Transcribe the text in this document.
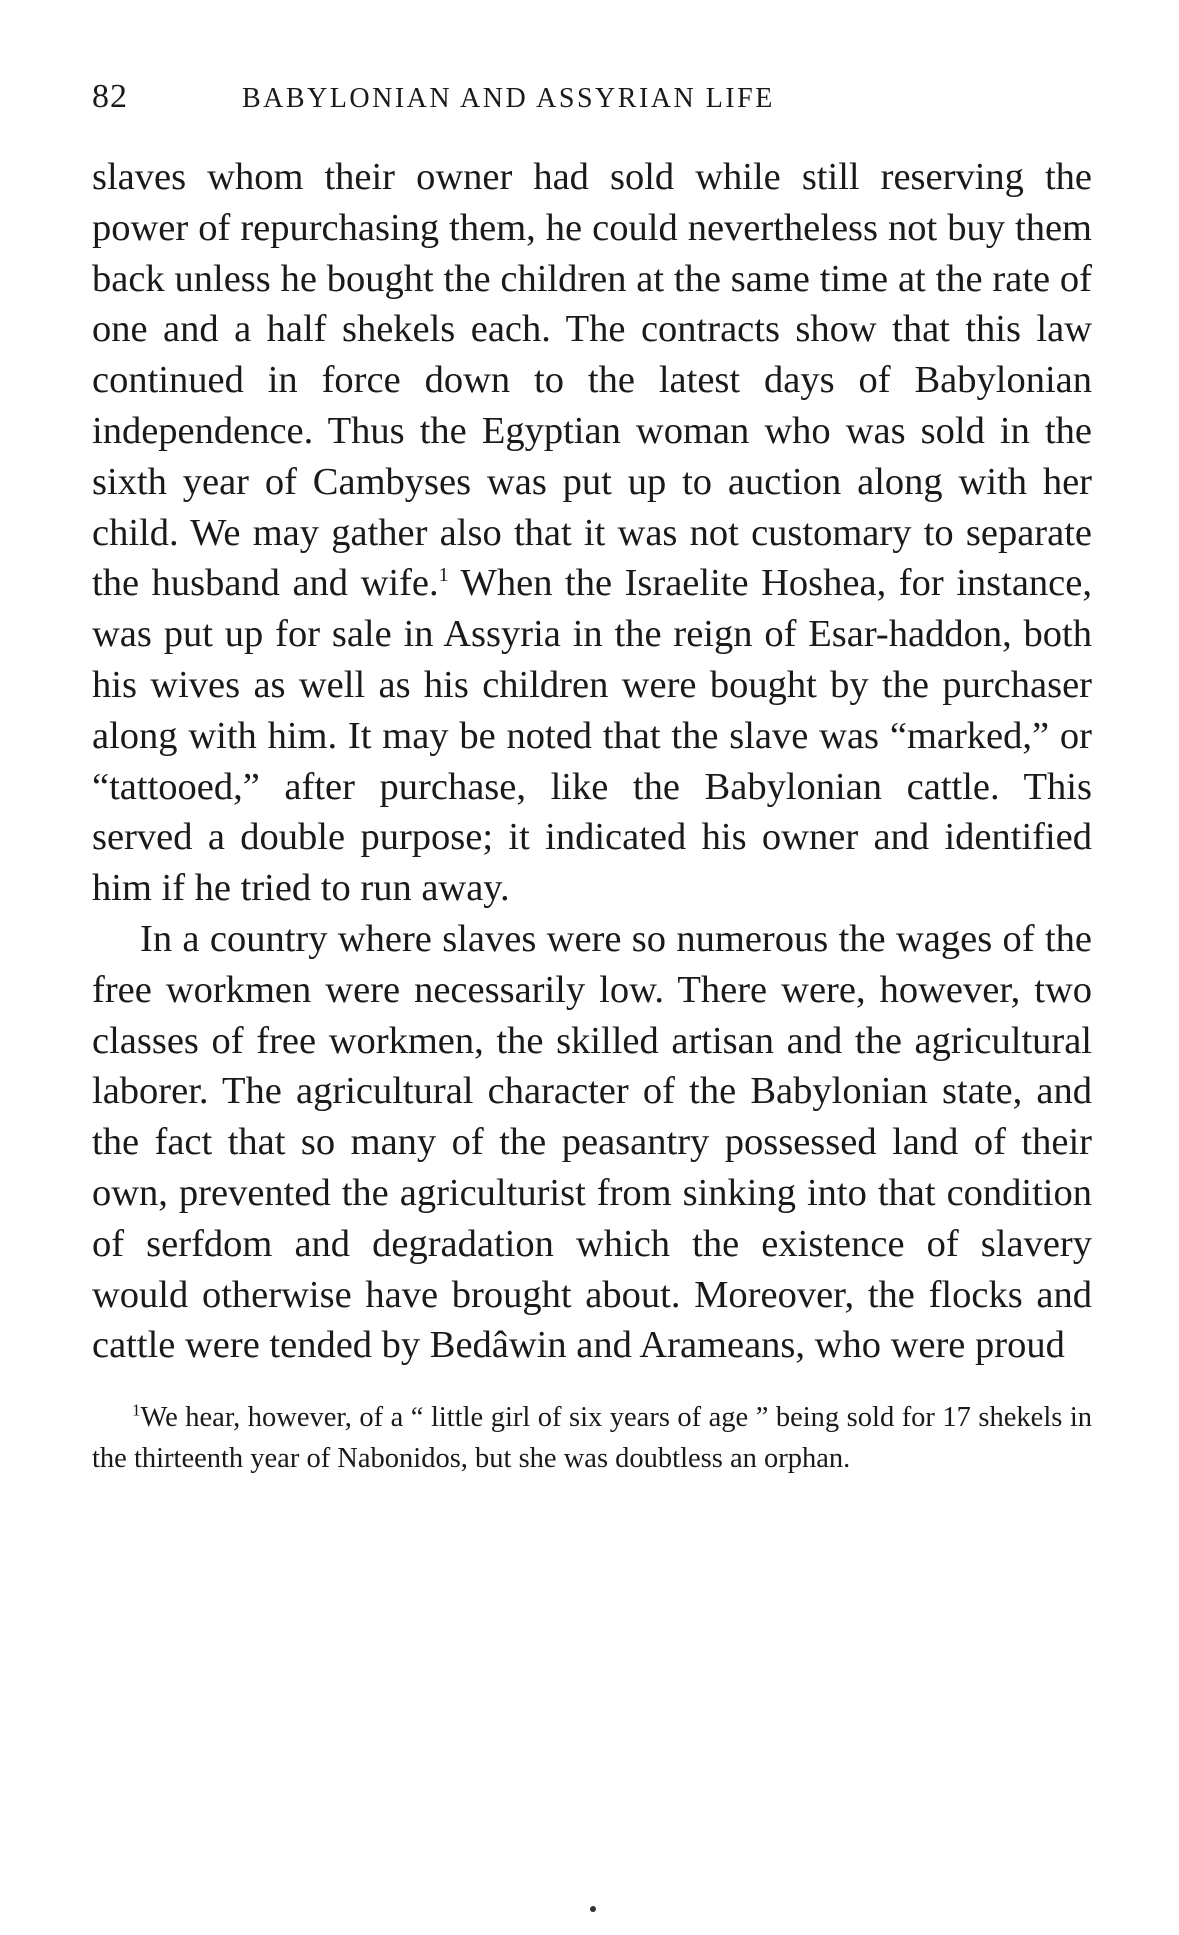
82	BABYLONIAN AND ASSYRIAN LIFE

slaves whom their owner had sold while still reserving the power of repurchasing them, he could nevertheless not buy them back unless he bought the children at the same time at the rate of one and a half shekels each. The contracts show that this law continued in force down to the latest days of Babylonian independence. Thus the Egyptian woman who was sold in the sixth year of Cambyses was put up to auction along with her child. We may gather also that it was not customary to separate the husband and wife.$^1$ When the Israelite Hoshea, for instance, was put up for sale in Assyria in the reign of Esar-haddon, both his wives as well as his children were bought by the purchaser along with him. It may be noted that the slave was “marked,” or “tattooed,” after purchase, like the Babylonian cattle. This served a double purpose; it indicated his owner and identified him if he tried to run away.

In a country where slaves were so numerous the wages of the free workmen were necessarily low. There were, however, two classes of free workmen, the skilled artisan and the agricultural laborer. The agricultural character of the Babylonian state, and the fact that so many of the peasantry possessed land of their own, prevented the agriculturist from sinking into that condition of serfdom and degradation which the existence of slavery would otherwise have brought about. Moreover, the flocks and cattle were tended by Bedâwin and Arameans, who were proud

$^1$We hear, however, of a “ little girl of six years of age ” being sold for 17 shekels in the thirteenth year of Nabonidos, but she was doubtless an orphan.
